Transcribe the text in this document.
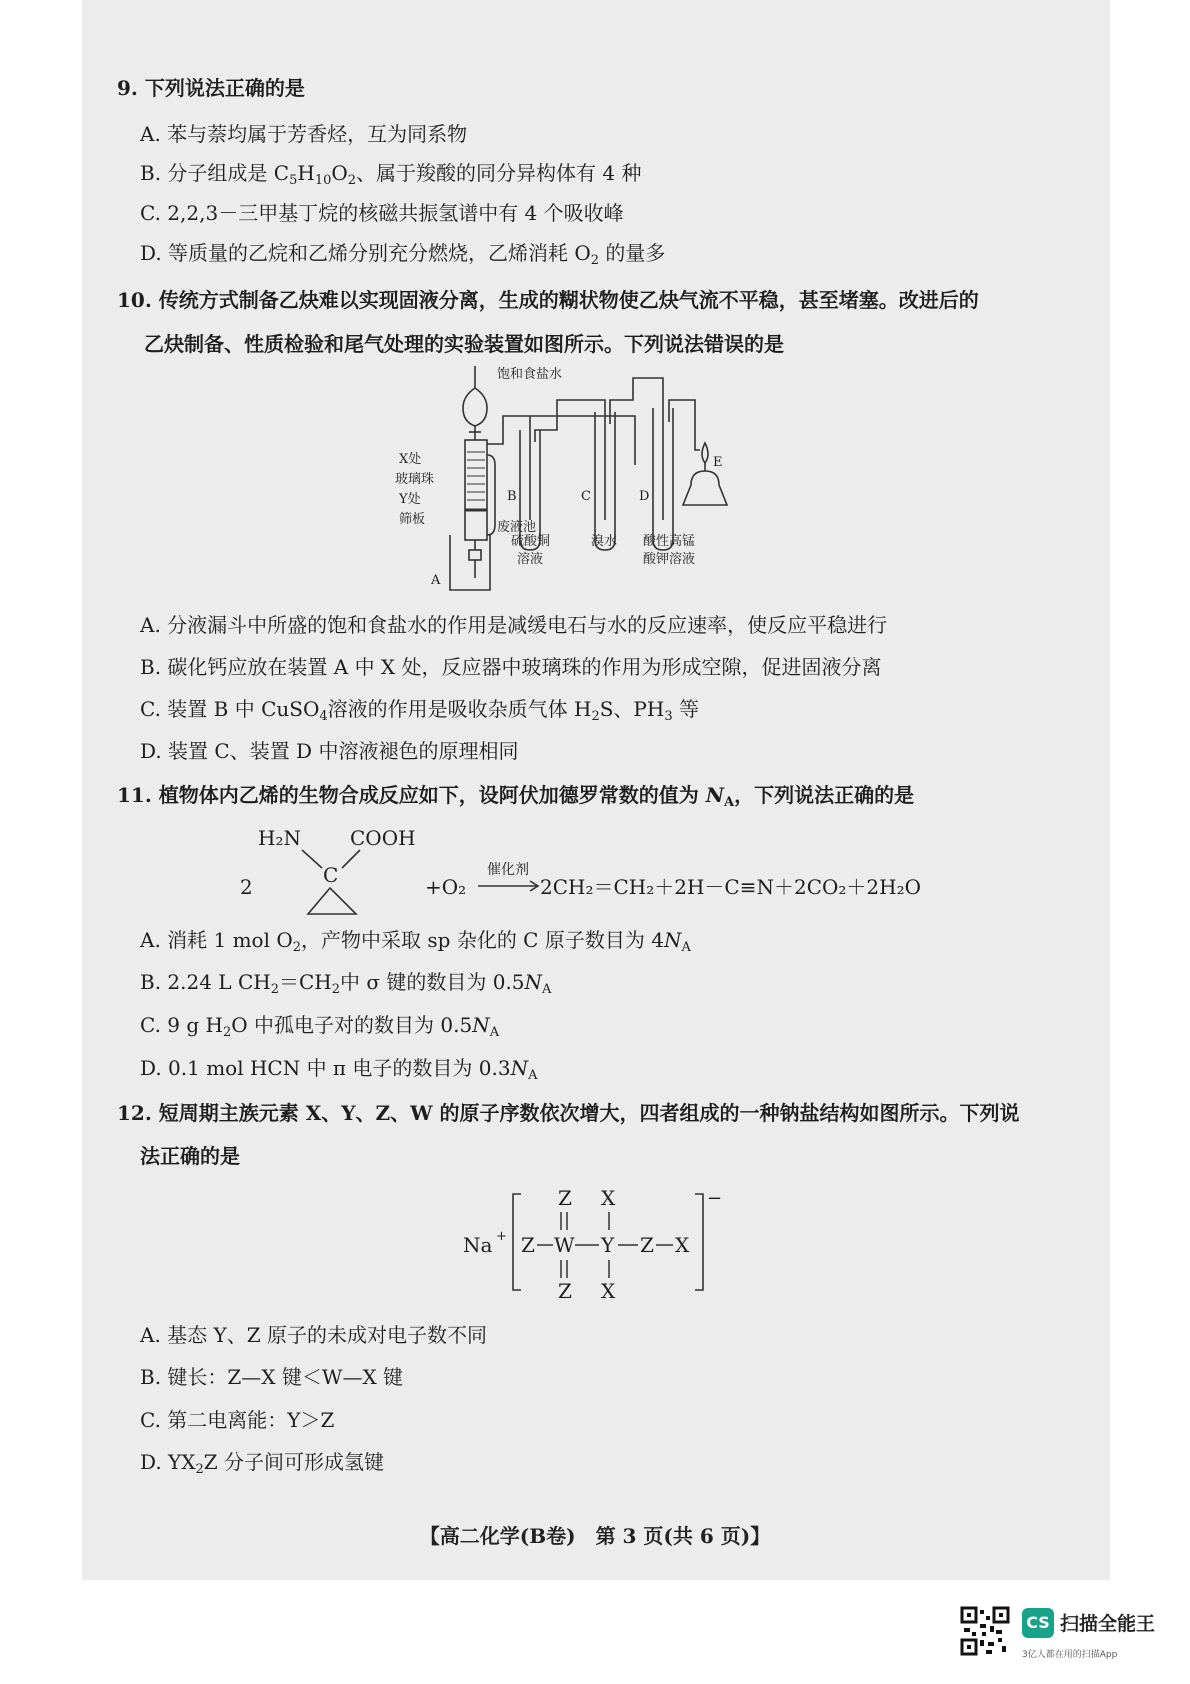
9. 下列说法正确的是
A. 苯与萘均属于芳香烃，互为同系物
B. 分子组成是 $C_5H_{10}O_2$、属于羧酸的同分异构体有 4 种
C. 2,2,3－三甲基丁烷的核磁共振氢谱中有 4 个吸收峰
D. 等质量的乙烷和乙烯分别充分燃烧，乙烯消耗 $O_2$ 的量多
10. 传统方式制备乙炔难以实现固液分离，生成的糊状物使乙炔气流不平稳，甚至堵塞。改进后的
乙炔制备、性质检验和尾气处理的实验装置如图所示。下列说法错误的是
饱和食盐水
X处
玻璃珠
Y处
筛板
废液池
A
B	C	D
E
硫酸铜
溶液
溴水 酸性高锰
酸钾溶液
A. 分液漏斗中所盛的饱和食盐水的作用是减缓电石与水的反应速率，使反应平稳进行
B. 碳化钙应放在装置 A 中 X 处，反应器中玻璃珠的作用为形成空隙，促进固液分离
C. 装置 B 中 CuSO$_4$溶液的作用是吸收杂质气体 $H_2S$、$PH_3$ 等
D. 装置 C、装置 D 中溶液褪色的原理相同
11. 植物体内乙烯的生物合成反应如下，设阿伏加德罗常数的值为 $N_A$，下列说法正确的是
2
H₂N COOH
C	+O₂
催化剂
2CH₂＝CH₂＋2H－C≡N＋2CO₂＋2H₂O
A. 消耗 1 mol $O_2$，产物中采取 sp 杂化的 C 原子数目为 $4N_A$
B. 2.24 L $CH_2=CH_2$中 σ 键的数目为 $0.5N_A$
C. 9 g $H_2O$ 中孤电子对的数目为 $0.5N_A$
D. 0.1 mol HCN 中 π 电子的数目为 $0.3N_A$
12. 短周期主族元素 X、Y、Z、W 的原子序数依次增大，四者组成的一种钠盐结构如图所示。下列说
法正确的是
Na +
−
Z X
Z W Y Z X
Z X
A. 基态 Y、Z 原子的未成对电子数不同
B. 键长：Z—X 键＜W—X 键
C. 第二电离能：Y＞Z
D. $YX_2Z$ 分子间可形成氢键
【高二化学(B卷)　第 3 页(共 6 页)】
CS 扫描全能王
3亿人都在用的扫描App
